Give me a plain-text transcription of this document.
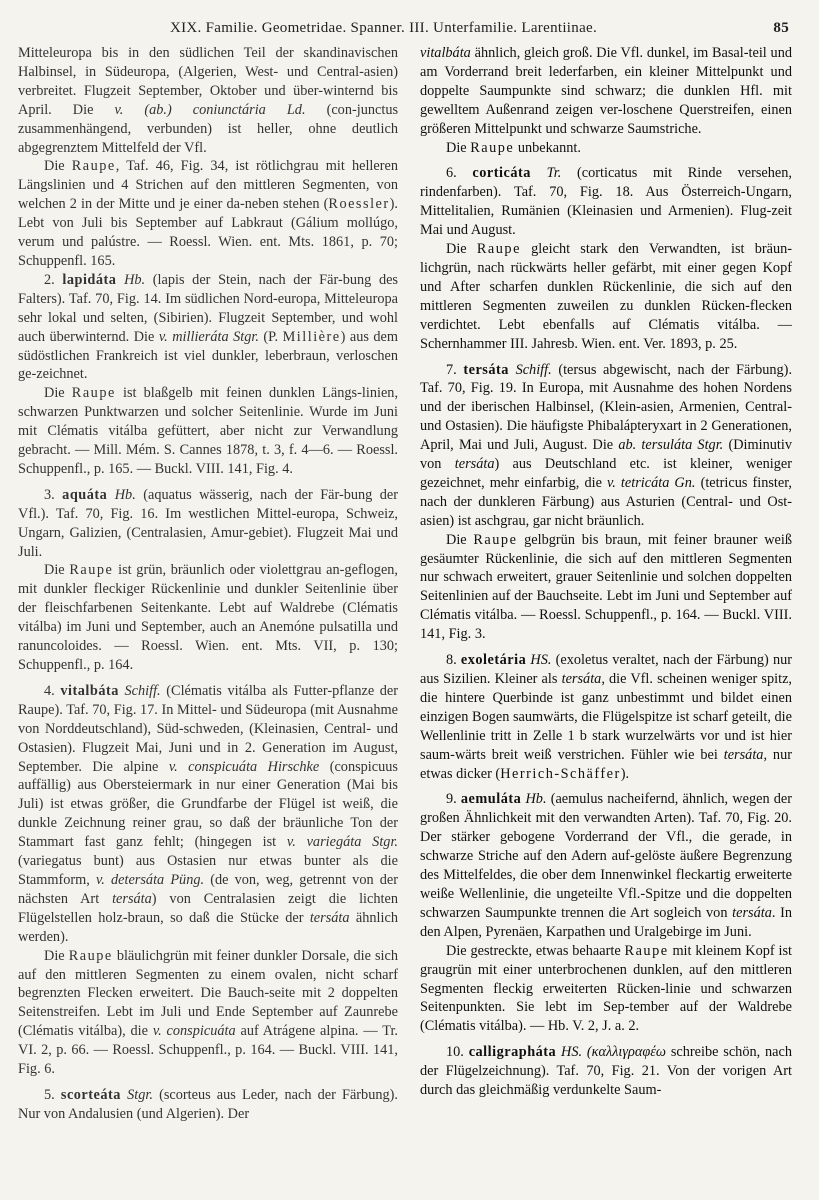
XIX. Familie. Geometridae. Spanner. III. Unterfamilie. Larentiinae.	85

Mitteleuropa bis in den südlichen Teil der skandinavischen Halbinsel, in Südeuropa, (Algerien, West- und Central-asien) verbreitet. Flugzeit September, Oktober und über-winternd bis April. Die v. (ab.) coniunctária Ld. (con-junctus zusammenhängend, verbunden) ist heller, ohne deutlich abgegrenztem Mittelfeld der Vfl.

Die Raupe, Taf. 46, Fig. 34, ist rötlichgrau mit helleren Längslinien und 4 Strichen auf den mittleren Segmenten, von welchen 2 in der Mitte und je einer da-neben stehen (Roessler). Lebt von Juli bis September auf Labkraut (Gálium mollúgo, verum und palústre. — Roessl. Wien. ent. Mts. 1861, p. 70; Schuppenfl. 165.

2. lapidáta Hb. (lapis der Stein, nach der Fär-bung des Falters). Taf. 70, Fig. 14. Im südlichen Nord-europa, Mitteleuropa sehr lokal und selten, (Sibirien). Flugzeit September, und wohl auch überwinternd. Die v. millieráta Stgr. (P. Millière) aus dem südöstlichen Frankreich ist viel dunkler, leberbraun, verloschen ge-zeichnet.

Die Raupe ist blaßgelb mit feinen dunklen Längs-linien, schwarzen Punktwarzen und solcher Seitenlinie. Wurde im Juni mit Clématis vitálba gefüttert, aber nicht zur Verwandlung gebracht. — Mill. Mém. S. Cannes 1878, t. 3, f. 4—6. — Roessl. Schuppenfl., p. 165. — Buckl. VIII. 141, Fig. 4.

3. aquáta Hb. (aquatus wässerig, nach der Fär-bung der Vfl.). Taf. 70, Fig. 16. Im westlichen Mittel-europa, Schweiz, Ungarn, Galizien, (Centralasien, Amur-gebiet). Flugzeit Mai und Juli.

Die Raupe ist grün, bräunlich oder violettgrau an-geflogen, mit dunkler fleckiger Rückenlinie und dunkler Seitenlinie über der fleischfarbenen Seitenkante. Lebt auf Waldrebe (Clématis vitálba) im Juni und September, auch an Anemóne pulsatilla und ranuncoloides. — Roessl. Wien. ent. Mts. VII, p. 130; Schuppenfl., p. 164.

4. vitalbáta Schiff. (Clématis vitálba als Futter-pflanze der Raupe). Taf. 70, Fig. 17. In Mittel- und Südeuropa (mit Ausnahme von Norddeutschland), Süd-schweden, (Kleinasien, Central- und Ostasien). Flugzeit Mai, Juni und in 2. Generation im August, September. Die alpine v. conspicuáta Hirschke (conspicuus auffällig) aus Obersteiermark in nur einer Generation (Mai bis Juli) ist etwas größer, die Grundfarbe der Flügel ist weiß, die dunkle Zeichnung reiner grau, so daß der bräunliche Ton der Stammart fast ganz fehlt; (hingegen ist v. variegáta Stgr. (variegatus bunt) aus Ostasien nur etwas bunter als die Stammform, v. detersáta Püng. (de von, weg, getrennt von der nächsten Art tersáta) von Centralasien zeigt die lichten Flügelstellen holz-braun, so daß die Stücke der tersáta ähnlich werden).

Die Raupe bläulichgrün mit feiner dunkler Dorsale, die sich auf den mittleren Segmenten zu einem ovalen, nicht scharf begrenzten Flecken erweitert. Die Bauch-seite mit 2 doppelten Seitenstreifen. Lebt im Juli und Ende September auf Zaunrebe (Clématis vitálba), die v. conspicuáta auf Atrágene alpina. — Tr. VI. 2, p. 66. — Roessl. Schuppenfl., p. 164. — Buckl. VIII. 141, Fig. 6.

5. scorteáta Stgr. (scorteus aus Leder, nach der Färbung). Nur von Andalusien (und Algerien). Der

vitalbáta ähnlich, gleich groß. Die Vfl. dunkel, im Basal-teil und am Vorderrand breit lederfarben, ein kleiner Mittelpunkt und doppelte Saumpunkte sind schwarz; die dunklen Hfl. mit gewelltem Außenrand zeigen ver-loschene Querstreifen, einen größeren Mittelpunkt und schwarze Saumstriche.

Die Raupe unbekannt.

6. corticáta Tr. (corticatus mit Rinde versehen, rindenfarben). Taf. 70, Fig. 18. Aus Österreich-Ungarn, Mittelitalien, Rumänien (Kleinasien und Armenien). Flug-zeit Mai und August.

Die Raupe gleicht stark den Verwandten, ist bräun-lichgrün, nach rückwärts heller gefärbt, mit einer gegen Kopf und After scharfen dunklen Rückenlinie, die sich auf den mittleren Segmenten zuweilen zu dunklen Rücken-flecken verdichtet. Lebt ebenfalls auf Clématis vitálba. — Schernhammer III. Jahresb. Wien. ent. Ver. 1893, p. 25.

7. tersáta Schiff. (tersus abgewischt, nach der Färbung). Taf. 70, Fig. 19. In Europa, mit Ausnahme des hohen Nordens und der iberischen Halbinsel, (Klein-asien, Armenien, Central- und Ostasien). Die häufigste Phibalápteryxart in 2 Generationen, April, Mai und Juli, August. Die ab. tersuláta Stgr. (Diminutiv von tersáta) aus Deutschland etc. ist kleiner, weniger gezeichnet, mehr einfarbig, die v. tetricáta Gn. (tetricus finster, nach der dunkleren Färbung) aus Asturien (Central- und Ost-asien) ist aschgrau, gar nicht bräunlich.

Die Raupe gelbgrün bis braun, mit feiner brauner weiß gesäumter Rückenlinie, die sich auf den mittleren Segmenten nur schwach erweitert, grauer Seitenlinie und solchen doppelten Seitenlinien auf der Bauchseite. Lebt im Juni und September auf Clématis vitálba. — Roessl. Schuppenfl., p. 164. — Buckl. VIII. 141, Fig. 3.

8. exoletária HS. (exoletus veraltet, nach der Färbung) nur aus Sizilien. Kleiner als tersáta, die Vfl. scheinen weniger spitz, die hintere Querbinde ist ganz unbestimmt und bildet einen einzigen Bogen saumwärts, die Flügelspitze ist scharf geteilt, die Wellenlinie tritt in Zelle 1 b stark wurzelwärts vor und ist hier saum-wärts breit weiß verstrichen. Fühler wie bei tersáta, nur etwas dicker (Herrich-Schäffer).

9. aemuláta Hb. (aemulus nacheifernd, ähnlich, wegen der großen Ähnlichkeit mit den verwandten Arten). Taf. 70, Fig. 20. Der stärker gebogene Vorderrand der Vfl., die gerade, in schwarze Striche auf den Adern auf-gelöste äußere Begrenzung des Mittelfeldes, die ober dem Innenwinkel fleckartig erweiterte weiße Wellenlinie, die ungeteilte Vfl.-Spitze und die doppelten schwarzen Saumpunkte trennen die Art sogleich von tersáta. In den Alpen, Pyrenäen, Karpathen und Uralgebirge im Juni.

Die gestreckte, etwas behaarte Raupe mit kleinem Kopf ist graugrün mit einer unterbrochenen dunklen, auf den mittleren Segmenten fleckig erweiterten Rücken-linie und schwarzen Seitenpunkten. Sie lebt im Sep-tember auf der Waldrebe (Clématis vitálba). — Hb. V. 2, J. a. 2.

10. calligrapháta HS. (καλλιγραφέω schreibe schön, nach der Flügelzeichnung). Taf. 70, Fig. 21. Von der vorigen Art durch das gleichmäßig verdunkelte Saum-
